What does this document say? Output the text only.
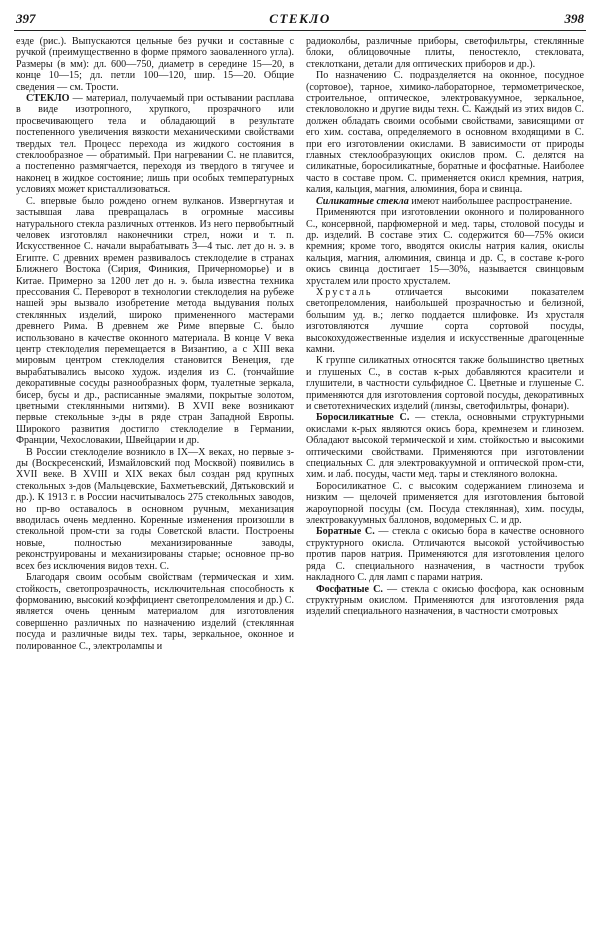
397	СТЕКЛО	398

езде (рис.). Выпускаются цельные без ручки и составные с ручкой (преимущественно в форме прямого заоваленного угла). Размеры (в мм): дл. 600—750, диаметр в середине 15—20, в конце 10—15; дл. петли 100—120, шир. 15—20. Общие сведения — см. Трости.

СТЕКЛО — материал, получаемый при остывании расплава в виде изотропного, хрупкого, прозрачного или просвечивающего тела и обладающий в результате постепенного увеличения вязкости механическими свойствами твердых тел. Процесс перехода из жидкого состояния в стеклообразное — обратимый. При нагревании С. не плавится, а постепенно размягчается, переходя из твердого в тягучее и наконец в жидкое состояние; лишь при особых температурных условиях может кристаллизоваться.

С. впервые было рождено огнем вулканов. Извергнутая и застывшая лава превращалась в огромные массивы натурального стекла различных оттенков. Из него первобытный человек изготовлял наконечники стрел, ножи и т. п. Искусственное С. начали вырабатывать 3—4 тыс. лет до н. э. в Египте. С древних времен развивалось стеклоделие в странах Ближнего Востока (Сирия, Финикия, Причерноморье) и в Китае. Примерно за 1200 лет до н. э. была известна техника прессования С. Переворот в технологии стеклоделия на рубеже нашей эры вызвало изобретение метода выдувания полых стеклянных изделий, широко примененного мастерами древнего Рима. В древнем же Риме впервые С. было использовано в качестве оконного материала. В конце V века центр стеклоделия перемещается в Византию, а с XIII века мировым центром стеклоделия становится Венеция, где вырабатывались высоко худож. изделия из С. (тончайшие декоративные сосуды разнообразных форм, туалетные зеркала, бисер, бусы и др., расписанные эмалями, покрытые золотом, цветными стеклянными нитями). В XVII веке возникают первые стекольные з-ды в ряде стран Западной Европы. Широкого развития достигло стеклоделие в Германии, Франции, Чехословакии, Швейцарии и др.

В России стеклоделие возникло в IX—X веках, но первые з-ды (Воскресенский, Измайловский под Москвой) появились в XVII веке. В XVIII и XIX веках был создан ряд крупных стекольных з-дов (Мальцевские, Бахметьевский, Дятьковский и др.). К 1913 г. в России насчитывалось 275 стекольных заводов, но пр-во оставалось в основном ручным, механизация вводилась очень медленно. Коренные изменения произошли в стекольной пром-сти за годы Советской власти. Построены новые, полностью механизированные заводы, реконструированы и механизированы старые; основное пр-во всех без исключения видов техн. С.

Благодаря своим особым свойствам (термическая и хим. стойкость, светопрозрачность, исключительная способность к формованию, высокий коэффициент светопреломления и др.) С. является очень ценным материалом для изготовления совершенно различных по назначению изделий (стеклянная посуда и различные виды тех. тары, зеркальное, оконное и полированное С., электролампы и

радиоколбы, различные приборы, светофильтры, стеклянные блоки, облицовочные плиты, пеностекло, стекловата, стеклоткани, детали для оптических приборов и др.).

По назначению С. подразделяется на оконное, посудное (сортовое), тарное, химико-лабораторное, термометрическое, строительное, оптическое, электровакуумное, зеркальное, стекловолокно и другие виды техн. С. Каждый из этих видов С. должен обладать своими особыми свойствами, зависящими от его хим. состава, определяемого в основном входящими в С. при его изготовлении окислами. В зависимости от природы главных стеклообразующих окислов пром. С. делятся на силикатные, боросиликатные, боратные и фосфатные. Наиболее часто в составе пром. С. применяется окисл кремния, натрия, калия, кальция, магния, алюминия, бора и свинца.

Силикатные стекла имеют наибольшее распространение.

Применяются при изготовлении оконного и полированного С., консервной, парфюмерной и мед. тары, столовой посуды и др. изделий. В составе этих С. содержится 60—75% окиси кремния; кроме того, вводятся окислы натрия калия, окислы кальция, магния, алюминия, свинца и др. С, в составе к-рого окись свинца достигает 15—30%, называется свинцовым хрусталем или просто хрусталем.

Хрусталь отличается высокими показателем светопреломления, наибольшей прозрачностью и белизной, большим уд. в.; легко поддается шлифовке. Из хрусталя изготовляются лучшие сорта сортовой посуды, высокохудожественные изделия и искусственные драгоценные камни.

К группе силикатных относятся также большинство цветных и глушеных С., в состав к-рых добавляются красители и глушители, в частности сульфидное С. Цветные и глушеные С. применяются для изготовления сортовой посуды, декоративных и светотехнических изделий (линзы, светофильтры, фонари).

Боросиликатные С. — стекла, основными структурными окислами к-рых являются окись бора, кремнезем и глинозем. Обладают высокой термической и хим. стойкостью и высокими оптическими свойствами. Применяются при изготовлении специальных С. для электровакуумной и оптической пром-сти, хим. и лаб. посуды, части мед. тары и стекляного волокна.

Боросиликатное С. с высоким содержанием глинозема и низким — щелочей применяется для изготовления бытовой жароупорной посуды (см. Посуда стеклянная), хим. посуды, электровакуумных баллонов, водомерных С. и др.

Боратные С. — стекла с окисью бора в качестве основного структурного окисла. Отличаются высокой устойчивостью против паров натрия. Применяются для изготовления целого ряда С. специального назначения, в частности трубок накладного С. для ламп с парами натрия.

Фосфатные С. — стекла с окисью фосфора, как основным структурным окислом. Применяются для изготовления ряда изделий специального назначения, в частности смотровых
